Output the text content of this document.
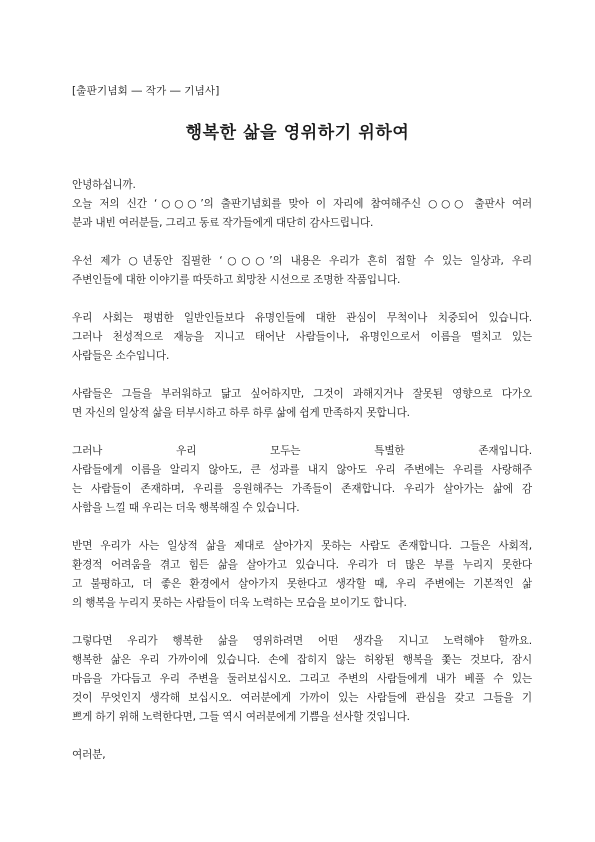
[출판기념회 ― 작가 ― 기념사]
행복한 삶을 영위하기 위하여
안녕하십니까.
오늘 저의 신간 ‘○○○’의 출판기념회를 맞아 이 자리에 참여해주신 ○○○ 출판사 여러
분과 내빈 여러분들, 그리고 동료 작가들에게 대단히 감사드립니다.
우선 제가 ○년동안 집필한 ‘○○○’의 내용은 우리가 흔히 접할 수 있는 일상과, 우리
주변인들에 대한 이야기를 따뜻하고 희망찬 시선으로 조명한 작품입니다.
우리 사회는 평범한 일반인들보다 유명인들에 대한 관심이 무척이나 치중되어 있습니다.
그러나 천성적으로 재능을 지니고 태어난 사람들이나, 유명인으로서 이름을 떨치고 있는
사람들은 소수입니다.
사람들은 그들을 부러워하고 닮고 싶어하지만, 그것이 과해지거나 잘못된 영향으로 다가오
면 자신의 일상적 삶을 터부시하고 하루 하루 삶에 쉽게 만족하지 못합니다.
그러나 우리 모두는 특별한 존재입니다.
사람들에게 이름을 알리지 않아도, 큰 성과를 내지 않아도 우리 주변에는 우리를 사랑해주
는 사람들이 존재하며, 우리를 응원해주는 가족들이 존재합니다. 우리가 살아가는 삶에 감
사함을 느낄 때 우리는 더욱 행복해질 수 있습니다.
반면 우리가 사는 일상적 삶을 제대로 살아가지 못하는 사람도 존재합니다. 그들은 사회적,
환경적 어려움을 겪고 힘든 삶을 살아가고 있습니다. 우리가 더 많은 부를 누리지 못한다
고 불평하고, 더 좋은 환경에서 살아가지 못한다고 생각할 때, 우리 주변에는 기본적인 삶
의 행복을 누리지 못하는 사람들이 더욱 노력하는 모습을 보이기도 합니다.
그렇다면 우리가 행복한 삶을 영위하려면 어떤 생각을 지니고 노력해야 할까요.
행복한 삶은 우리 가까이에 있습니다. 손에 잡히지 않는 허왕된 행복을 쫓는 것보다, 잠시
마음을 가다듬고 우리 주변을 둘러보십시오. 그리고 주변의 사람들에게 내가 베풀 수 있는
것이 무엇인지 생각해 보십시오. 여러분에게 가까이 있는 사람들에 관심을 갖고 그들을 기
쁘게 하기 위해 노력한다면, 그들 역시 여러분에게 기쁨을 선사할 것입니다.
여러분,
